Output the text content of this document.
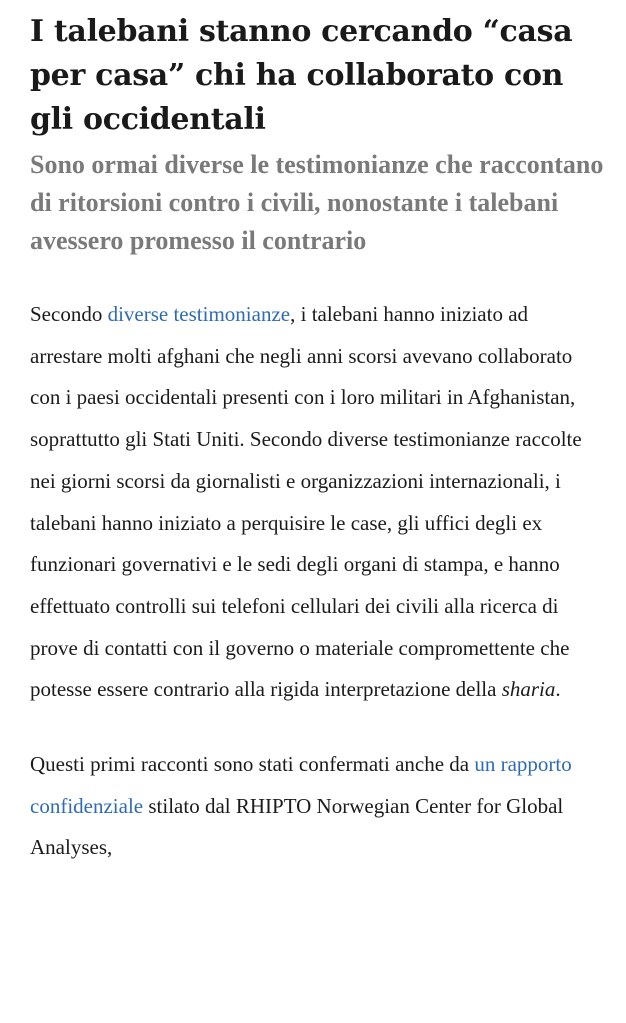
I talebani stanno cercando “casa per casa” chi ha collaborato con gli occidentali
Sono ormai diverse le testimonianze che raccontano di ritorsioni contro i civili, nonostante i talebani avessero promesso il contrario

Secondo diverse testimonianze, i talebani hanno iniziato ad arrestare molti afghani che negli anni scorsi avevano collaborato con i paesi occidentali presenti con i loro militari in Afghanistan, soprattutto gli Stati Uniti. Secondo diverse testimonianze raccolte nei giorni scorsi da giornalisti e organizzazioni internazionali, i talebani hanno iniziato a perquisire le case, gli uffici degli ex funzionari governativi e le sedi degli organi di stampa, e hanno effettuato controlli sui telefoni cellulari dei civili alla ricerca di prove di contatti con il governo o materiale compromettente che potesse essere contrario alla rigida interpretazione della sharia.

Questi primi racconti sono stati confermati anche da un rapporto confidenziale stilato dal RHIPTO Norwegian Center for Global Analyses,
